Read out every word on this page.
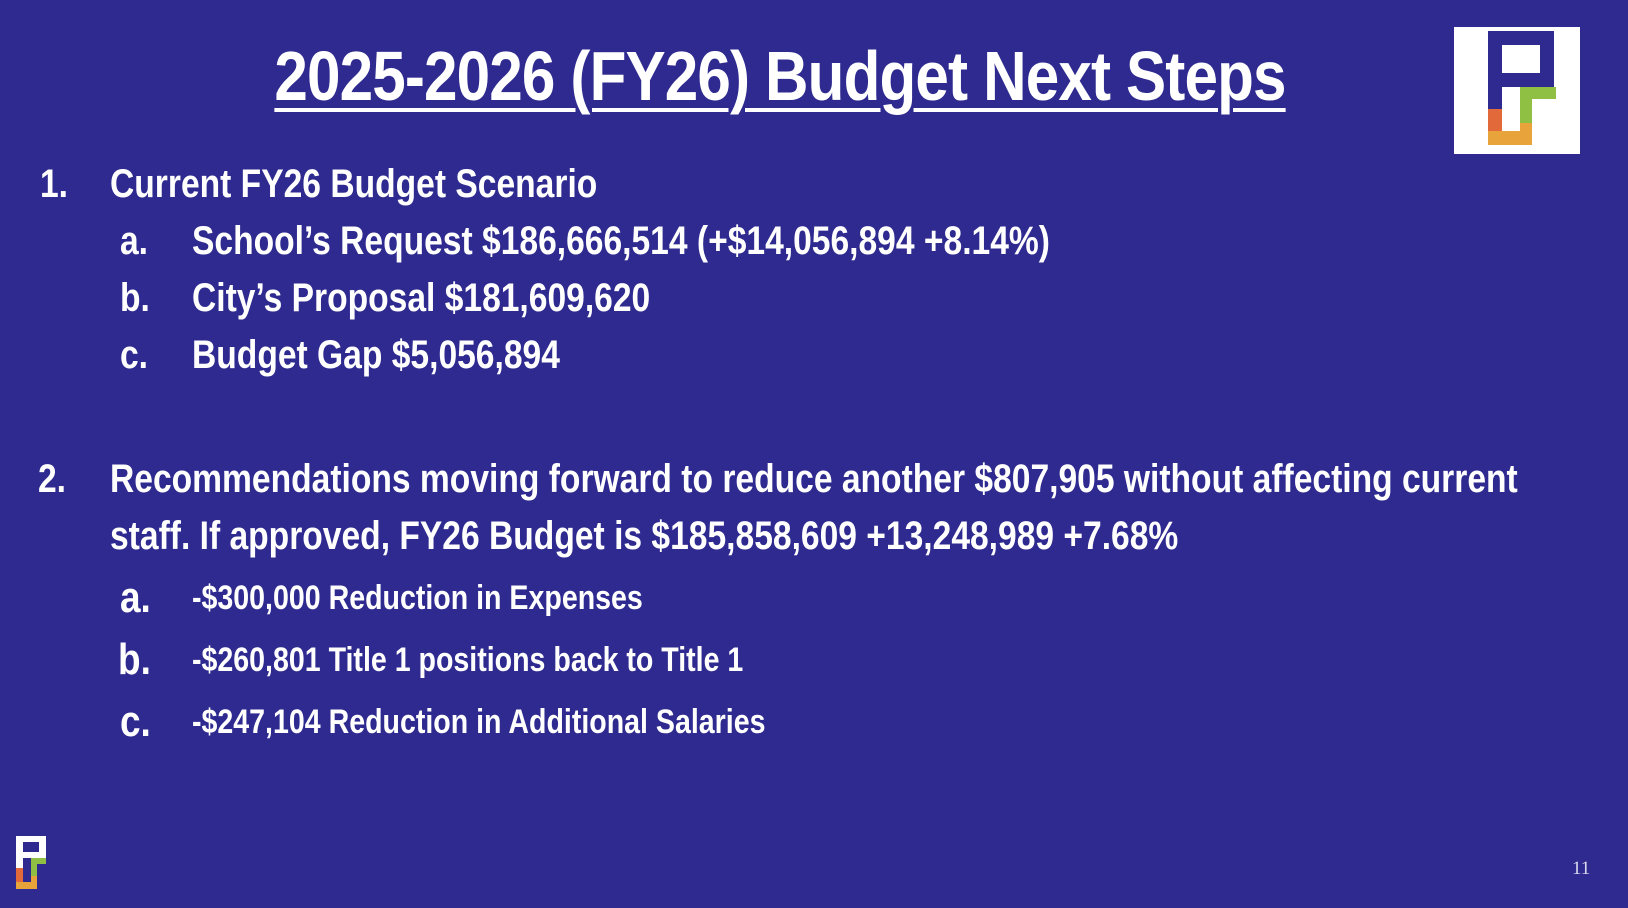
2025-2026 (FY26) Budget Next Steps
1. Current FY26 Budget Scenario
a. School’s Request $186,666,514 (+$14,056,894 +8.14%)
b. City’s Proposal $181,609,620
c. Budget Gap $5,056,894
2. Recommendations moving forward to reduce another $807,905 without affecting current
staff. If approved, FY26 Budget is $185,858,609 +13,248,989 +7.68%
a. -$300,000 Reduction in Expenses
b. -$260,801 Title 1 positions back to Title 1
c. -$247,104 Reduction in Additional Salaries
11
